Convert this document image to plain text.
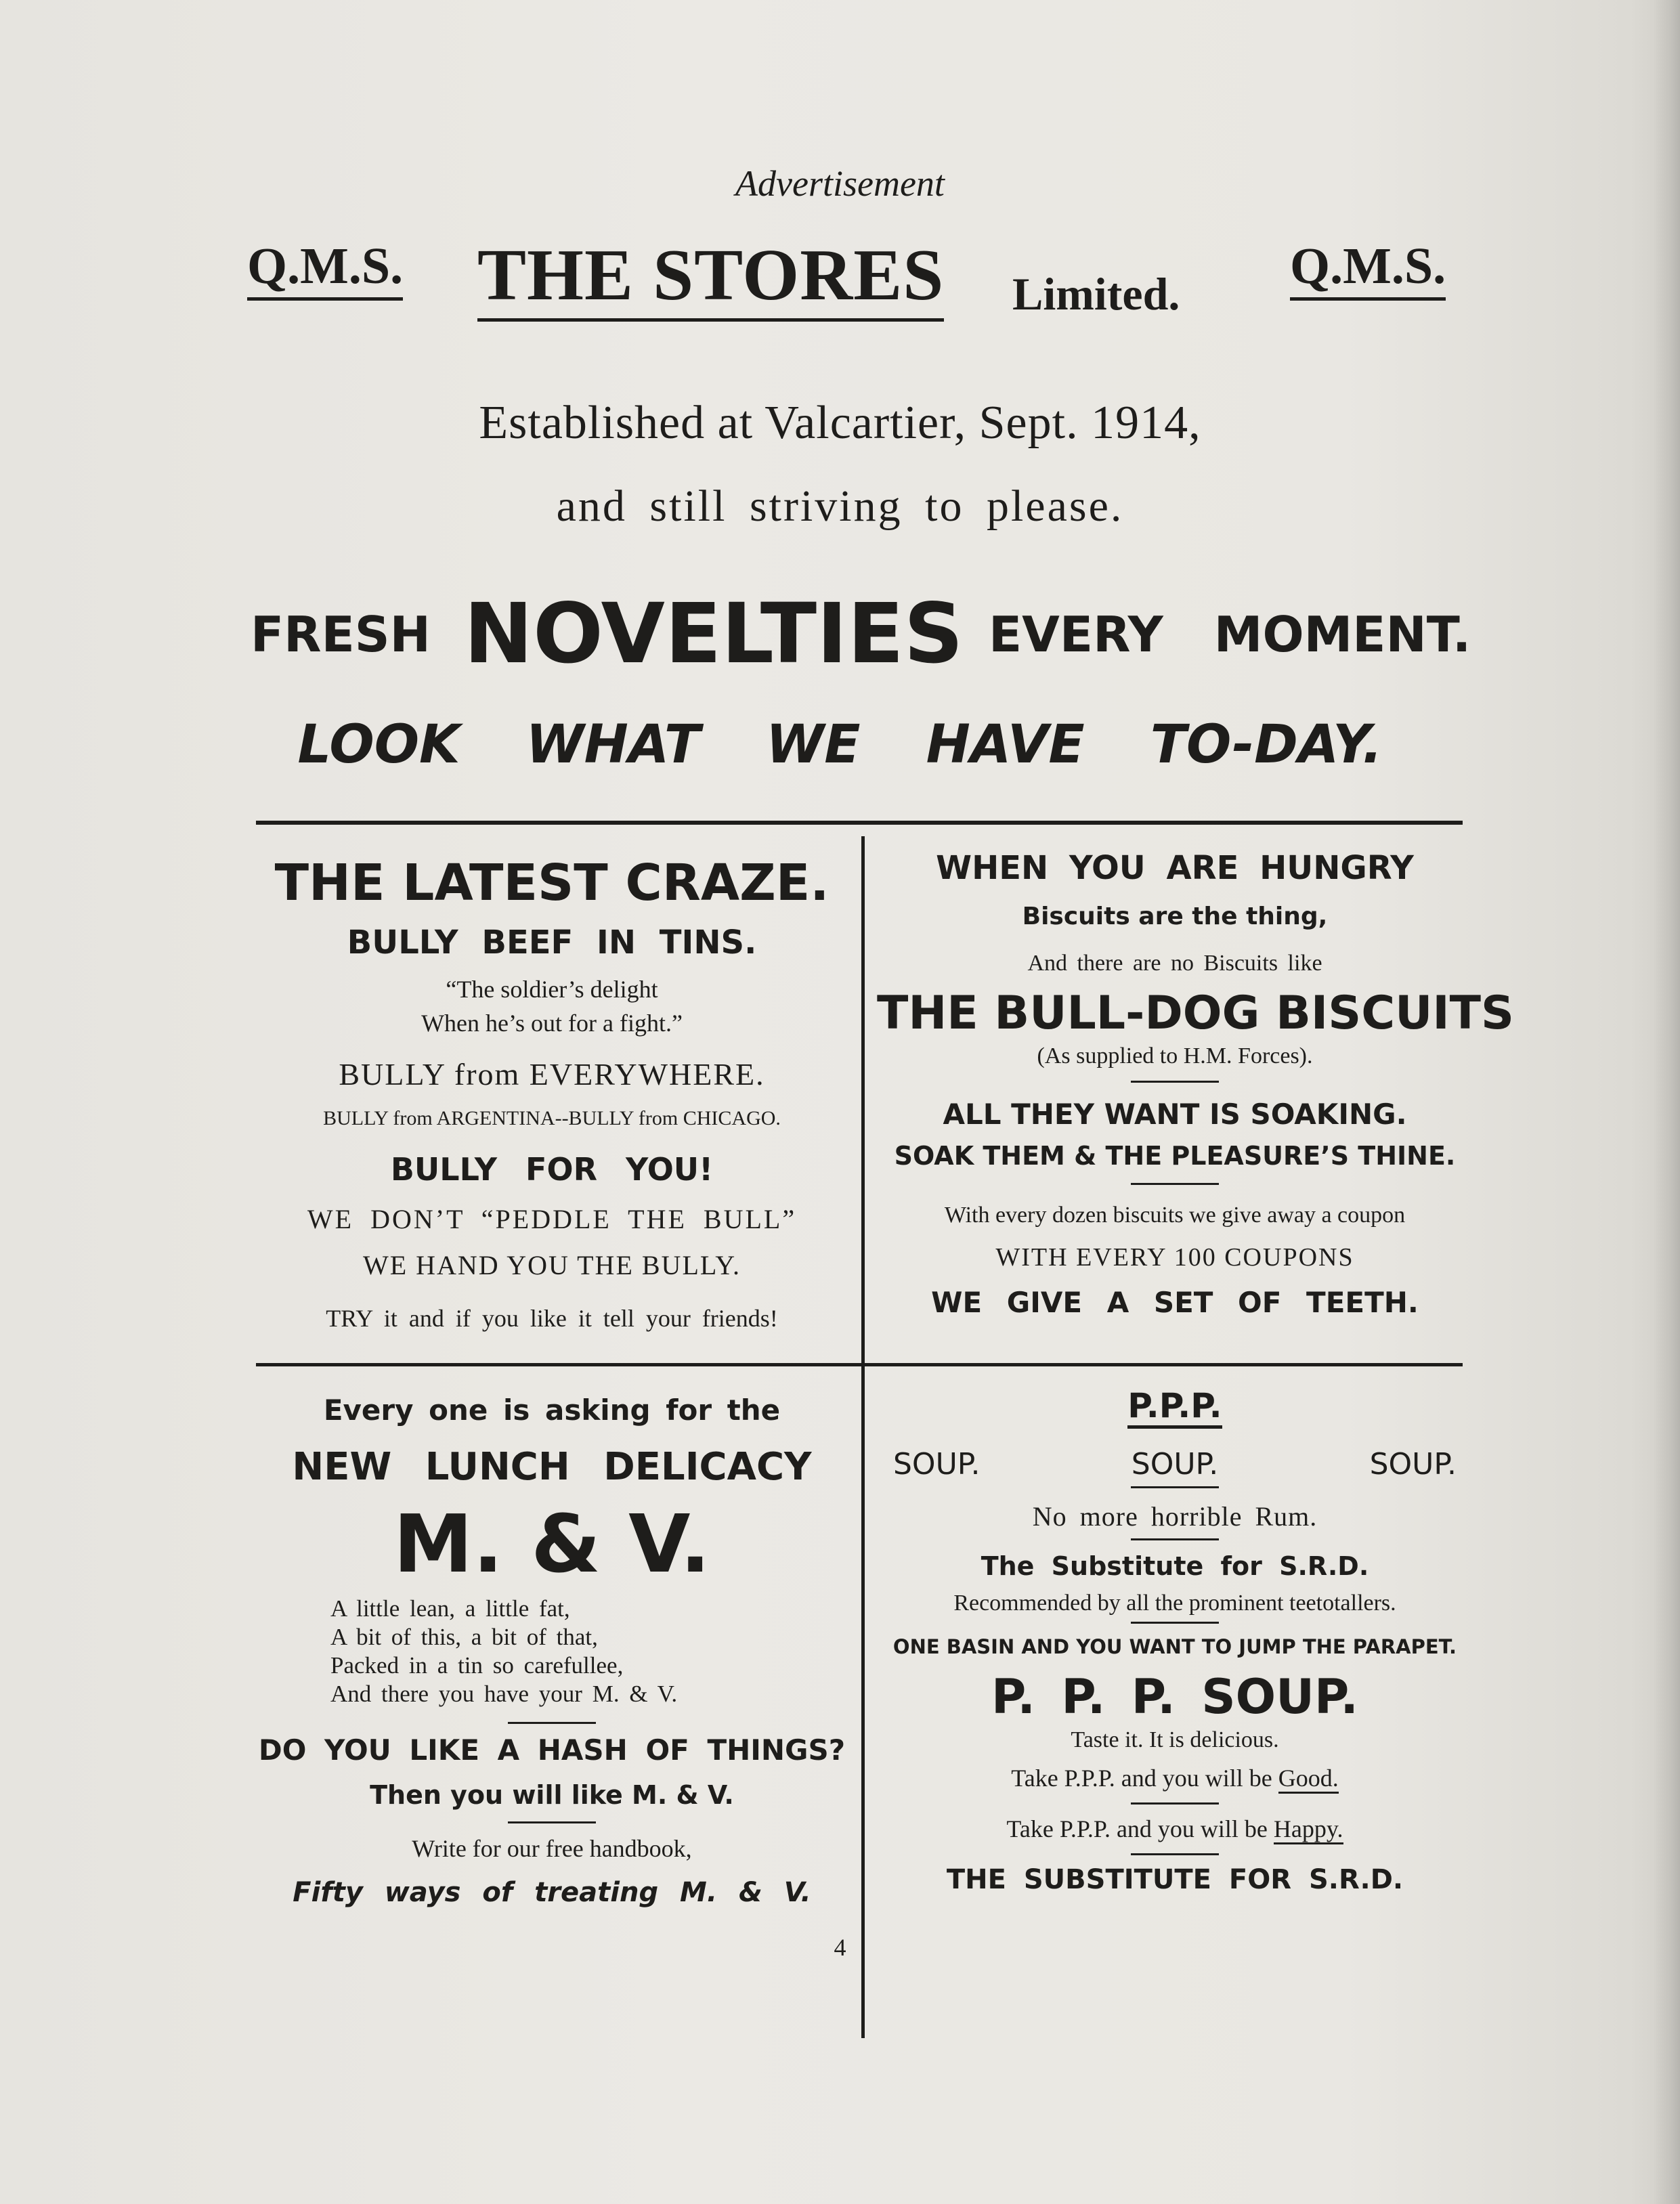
Advertisement
Q.M.S. THE STORES Limited. Q.M.S.
Established at Valcartier, Sept. 1914,
and still striving to please.
FRESH NOVELTIES EVERY MOMENT.
LOOK WHAT WE HAVE TO-DAY.
THE LATEST CRAZE.
BULLY BEEF IN TINS.
“The soldier’s delight
When he’s out for a fight.”
BULLY from EVERYWHERE.
BULLY from ARGENTINA--BULLY from CHICAGO.
BULLY FOR YOU!
WE DON’T “PEDDLE THE BULL”
WE HAND YOU THE BULLY.
TRY it and if you like it tell your friends!
WHEN YOU ARE HUNGRY
Biscuits are the thing,
And there are no Biscuits like
THE BULL-DOG BISCUITS
(As supplied to H.M. Forces).
ALL THEY WANT IS SOAKING.
SOAK THEM & THE PLEASURE’S THINE.
With every dozen biscuits we give away a coupon
WITH EVERY 100 COUPONS
WE GIVE A SET OF TEETH.
Every one is asking for the
NEW LUNCH DELICACY
M. & V.
A little lean, a little fat,
A bit of this, a bit of that,
Packed in a tin so carefullee,
And there you have your M. & V.
DO YOU LIKE A HASH OF THINGS?
Then you will like M. & V.
Write for our free handbook,
Fifty ways of treating M. & V.
P.P.P.
SOUP.	SOUP.	SOUP.
No more horrible Rum.
The Substitute for S.R.D.
Recommended by all the prominent teetotallers.
ONE BASIN AND YOU WANT TO JUMP THE PARAPET.
P. P. P. SOUP.
Taste it. It is delicious.
Take P.P.P. and you will be Good.
Take P.P.P. and you will be Happy.
THE SUBSTITUTE FOR S.R.D.
4
